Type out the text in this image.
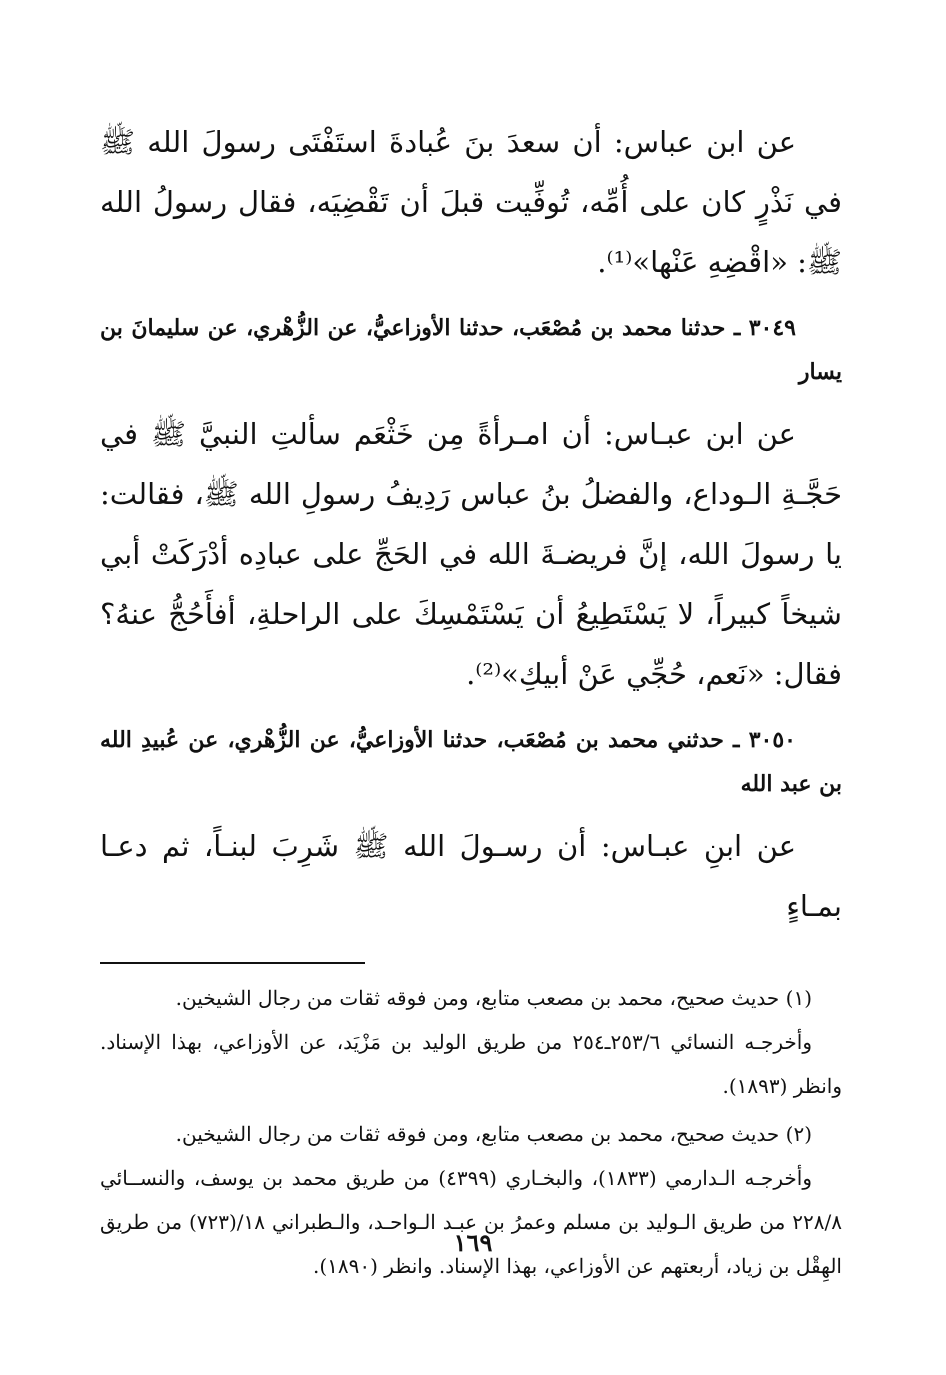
عن ابن عباس: أن سعدَ بنَ عُبادةَ استَفْتَى رسولَ الله ﷺ في نَذْرٍ كان على أُمِّه، تُوفِّيت قبلَ أن تَقْضِيَه، فقال رسولُ الله ﷺ: «اقْضِهِ عَنْها»⁽¹⁾.

٣٠٤٩ ـ حدثنا محمد بن مُصْعَب، حدثنا الأوزاعيُّ، عن الزُّهْري، عن سليمانَ بن يسار

عن ابن عبـاس: أن امـرأةً مِن خَثْعَم سألتِ النبيَّ ﷺ في حَجَّـةِ الـوداع، والفضلُ بنُ عباس رَدِيفُ رسولِ الله ﷺ، فقالت: يا رسولَ الله، إنَّ فريضـةَ الله في الحَجِّ على عبادِه أدْرَكَتْ أبي شيخاً كبيراً، لا يَسْتَطِيعُ أن يَسْتَمْسِكَ على الراحلةِ، أفأَحُجُّ عنهُ؟ فقال: «نَعم، حُجِّي عَنْ أبيكِ»⁽²⁾.

٣٠٥٠ ـ حدثني محمد بن مُصْعَب، حدثنا الأوزاعيُّ، عن الزُّهْري، عن عُبيدِ الله بن عبد الله

عن ابنِ عبـاس: أن رسـولَ الله ﷺ شَرِبَ لبنـاً، ثم دعـا بمـاءٍ

(١) حديث صحيح، محمد بن مصعب متابع، ومن فوقه ثقات من رجال الشيخين.

وأخرجـه النسائي ٢٥٣/٦ـ٢٥٤ من طريق الوليد بن مَزْيَد، عن الأوزاعي، بهذا الإسناد. وانظر (١٨٩٣).

(٢) حديث صحيح، محمد بن مصعب متابع، ومن فوقه ثقات من رجال الشيخين.

وأخرجـه الـدارمي (١٨٣٣)، والبخـاري (٤٣٩٩) من طريق محمد بن يوسف، والنســائي ٢٢٨/٨ من طريق الـوليد بن مسلم وعمرُ بن عبـد الـواحـد، والـطبراني ١٨/(٧٢٣) من طريق الهِقْل بن زياد، أربعتهم عن الأوزاعي، بهذا الإسناد. وانظر (١٨٩٠).

١٦٩
